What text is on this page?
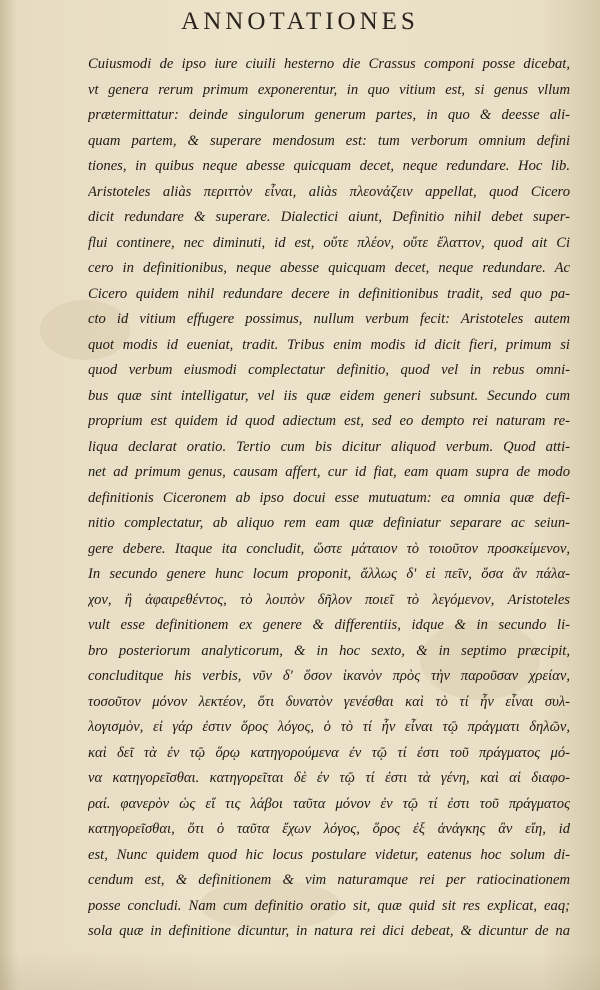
ANNOTATIONES
Cuiusmodi de ipso iure ciuili hesterno die Crassus componi posse dicebat,
vt genera rerum primum exponerentur, in quo vitium est, si genus vllum
prætermittatur: deinde singulorum generum partes, in quo & deesse ali-
quam partem, & superare mendosum est: tum verborum omnium defini
tiones, in quibus neque abesse quicquam decet, neque redundare. Hoc lib.
Aristoteles aliàs περιττὸν εἶναι, aliàs πλεονάζειν appellat, quod Cicero
dicit redundare & superare. Dialectici aiunt, Definitio nihil debet super-
flui continere, nec diminuti, id est, οὔτε πλέον, οὔτε ἔλαττον, quod ait Ci
cero in definitionibus, neque abesse quicquam decet, neque redundare. Ac
Cicero quidem nihil redundare decere in definitionibus tradit, sed quo pa-
cto id vitium effugere possimus, nullum verbum fecit: Aristoteles autem
quot modis id eueniat, tradit. Tribus enim modis id dicit fieri, primum si
quod verbum eiusmodi complectatur definitio, quod vel in rebus omni-
bus quæ sint intelligatur, vel iis quæ eidem generi subsunt. Secundo cum
proprium est quidem id quod adiectum est, sed eo dempto rei naturam re-
liqua declarat oratio. Tertio cum bis dicitur aliquod verbum. Quod atti-
net ad primum genus, causam affert, cur id fiat, eam quam supra de modo
definitionis Ciceronem ab ipso docui esse mutuatum: ea omnia quæ defi-
nitio complectatur, ab aliquo rem eam quæ definiatur separare ac seiun-
gere debere. Itaque ita concludit, ὥστε μάταιον τὸ τοιοῦτον προσκείμενον,
In secundo genere hunc locum proponit, ἄλλως δ' εἰ πεῖν, ὅσα ἂν πάλα-
χον, ἢ ἀφαιρεθέντος, τὸ λοιπὸν δῆλον ποιεῖ τὸ λεγόμενον, Aristoteles
vult esse definitionem ex genere & differentiis, idque & in secundo li-
bro posteriorum analyticorum, & in hoc sexto, & in septimo præcipit,
concluditque his verbis, νῦν δ' ὅσον ἱκανὸν πρὸς τὴν παροῦσαν χρείαν,
τοσοῦτον μόνον λεκτέον, ὅτι δυνατὸν γενέσθαι καὶ τὸ τί ἦν εἶναι συλ-
λογισμὸν, εἰ γάρ ἐστιν ὅρος λόγος, ὁ τὸ τί ἦν εἶναι τῷ πράγματι δηλῶν,
καὶ δεῖ τὰ ἐν τῷ ὅρῳ κατηγορούμενα ἐν τῷ τί ἐστι τοῦ πράγματος μό-
να κατηγορεῖσθαι. κατηγορεῖται δὲ ἐν τῷ τί ἐστι τὰ γένη, καὶ αἱ διαφο-
ραί. φανερὸν ὡς εἴ τις λάβοι ταῦτα μόνον ἐν τῷ τί ἐστι τοῦ πράγματος
κατηγορεῖσθαι, ὅτι ὁ ταῦτα ἔχων λόγος, ὅρος ἐξ ἀνάγκης ἂν εἴη, id
est, Nunc quidem quod hic locus postulare videtur, eatenus hoc solum di-
cendum est, & definitionem & vim naturamque rei per ratiocinationem
posse concludi. Nam cum definitio oratio sit, quæ quid sit res explicat, eaq;
sola quæ in definitione dicuntur, in natura rei dici debeat, & dicuntur de na
